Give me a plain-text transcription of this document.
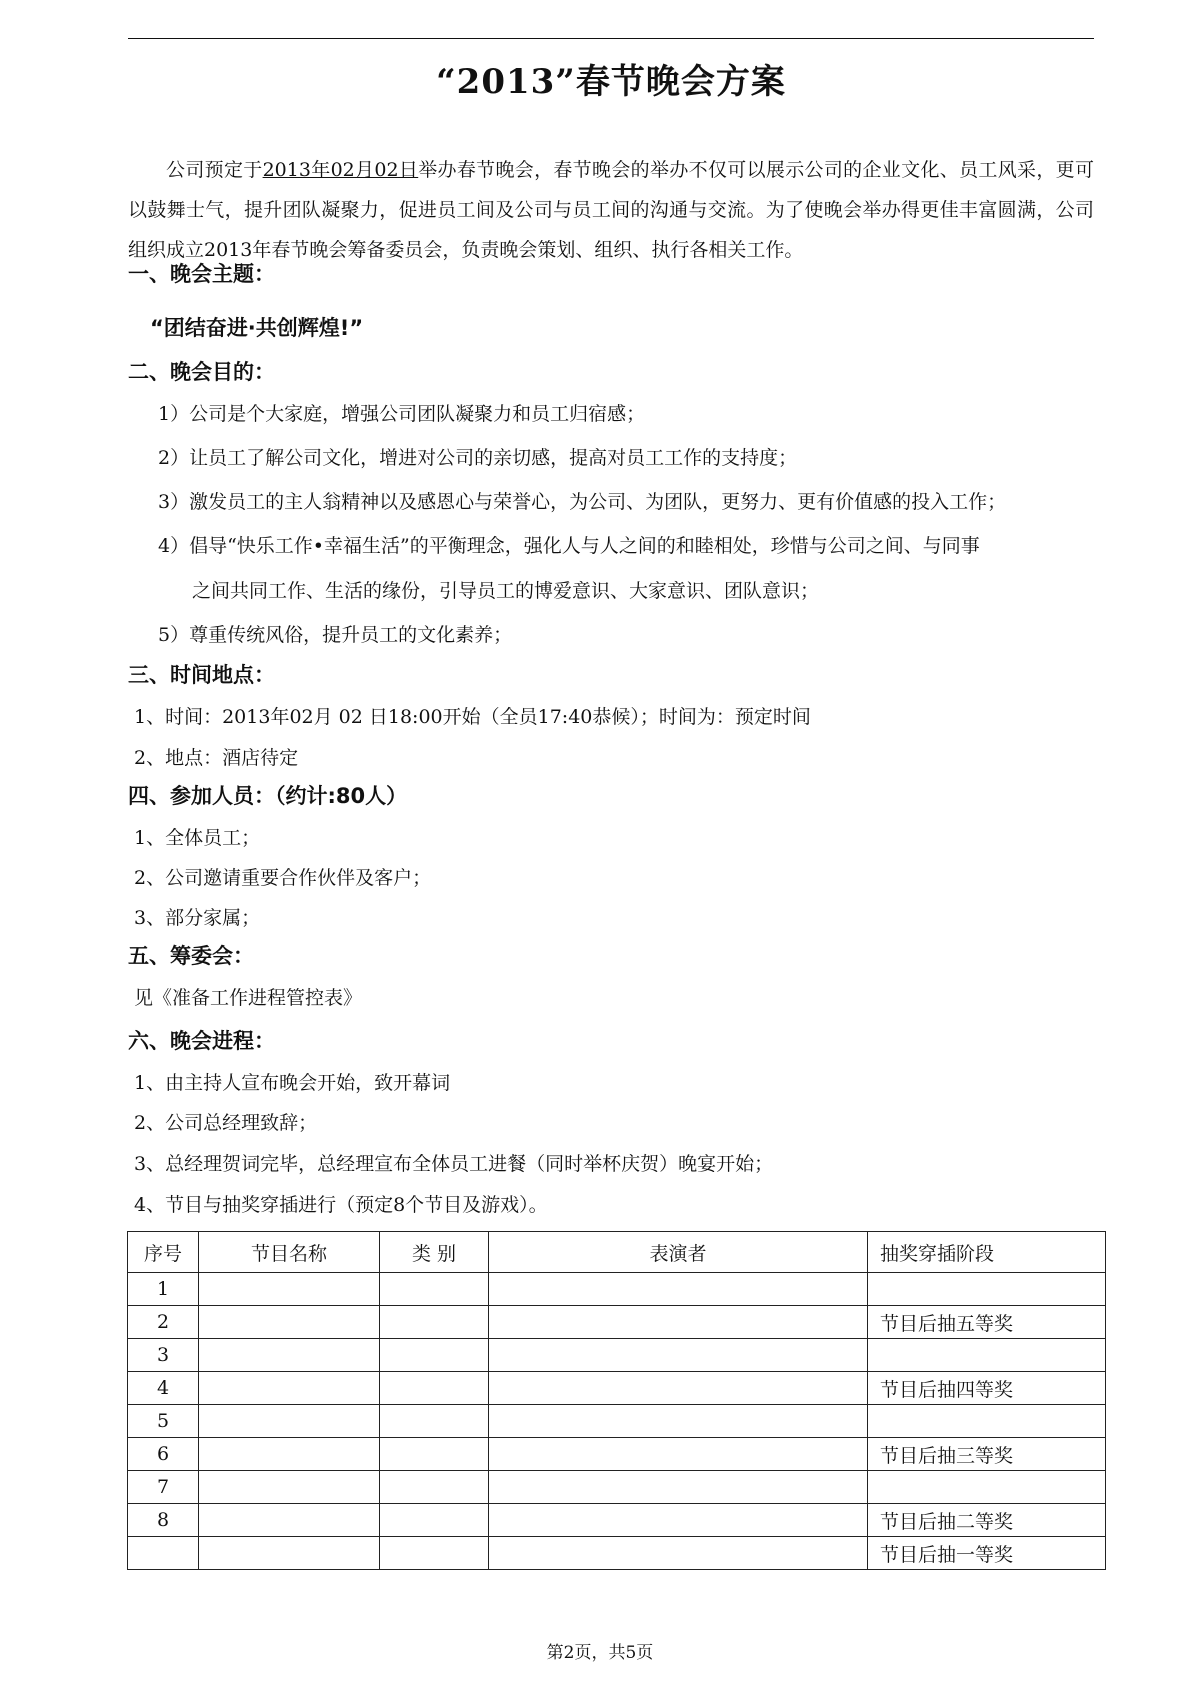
“2013”春节晚会方案
公司预定于2013年02月02日举办春节晚会，春节晚会的举办不仅可以展示公司的企业文化、员工风采，更可以鼓舞士气，提升团队凝聚力，促进员工间及公司与员工间的沟通与交流。为了使晚会举办得更佳丰富圆满，公司组织成立2013年春节晚会筹备委员会，负责晚会策划、组织、执行各相关工作。
一、晚会主题：
“团结奋进·共创辉煌!”
二、晚会目的：
1）公司是个大家庭，增强公司团队凝聚力和员工归宿感；
2）让员工了解公司文化，增进对公司的亲切感，提高对员工工作的支持度；
3）激发员工的主人翁精神以及感恩心与荣誉心，为公司、为团队，更努力、更有价值感的投入工作；
4）倡导“快乐工作•幸福生活”的平衡理念，强化人与人之间的和睦相处，珍惜与公司之间、与同事
之间共同工作、生活的缘份，引导员工的博爱意识、大家意识、团队意识；
5）尊重传统风俗，提升员工的文化素养；
三、时间地点：
1、时间：2013年02月 02 日18:00开始（全员17:40恭候）；时间为：预定时间
2、地点：酒店待定
四、参加人员：（约计:80人）
1、全体员工；
2、公司邀请重要合作伙伴及客户；
3、部分家属；
五、筹委会：
见《准备工作进程管控表》
六、晚会进程：
1、由主持人宣布晚会开始，致开幕词
2、公司总经理致辞；
3、总经理贺词完毕，总经理宣布全体员工进餐（同时举杯庆贺）晚宴开始；
4、节目与抽奖穿插进行（预定8个节目及游戏）。
序号	节目名称	类 别	表演者	抽奖穿插阶段
1				
2				节目后抽五等奖
3				
4				节目后抽四等奖
5				
6				节目后抽三等奖
7				
8				节目后抽二等奖
				节目后抽一等奖
第2页，共5页
